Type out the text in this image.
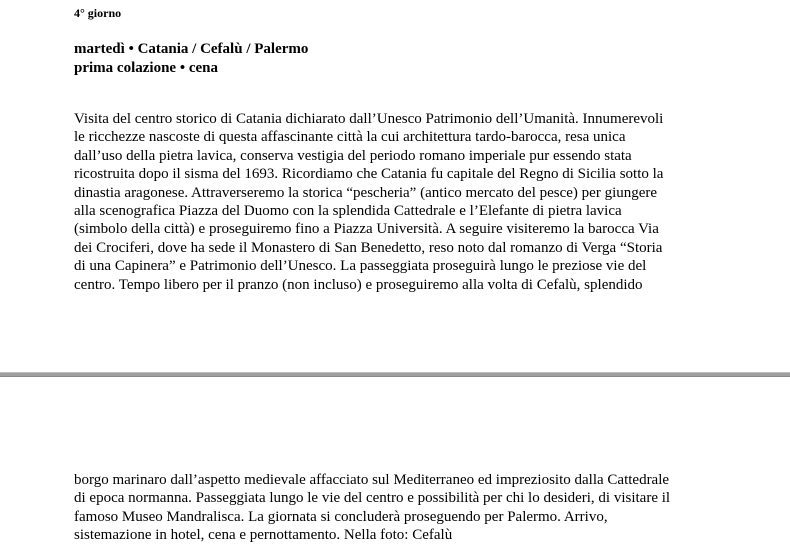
4° giorno
martedì • Catania / Cefalù / Palermo
prima colazione • cena
Visita del centro storico di Catania dichiarato dall’Unesco Patrimonio dell’Umanità. Innumerevoli
le ricchezze nascoste di questa affascinante città la cui architettura tardo-barocca, resa unica
dall’uso della pietra lavica, conserva vestigia del periodo romano imperiale pur essendo stata
ricostruita dopo il sisma del 1693. Ricordiamo che Catania fu capitale del Regno di Sicilia sotto la
dinastia aragonese. Attraverseremo la storica “pescheria” (antico mercato del pesce) per giungere
alla scenografica Piazza del Duomo con la splendida Cattedrale e l’Elefante di pietra lavica
(simbolo della città) e proseguiremo fino a Piazza Università. A seguire visiteremo la barocca Via
dei Crociferi, dove ha sede il Monastero di San Benedetto, reso noto dal romanzo di Verga “Storia
di una Capinera” e Patrimonio dell’Unesco. La passeggiata proseguirà lungo le preziose vie del
centro. Tempo libero per il pranzo (non incluso) e proseguiremo alla volta di Cefalù, splendido
borgo marinaro dall’aspetto medievale affacciato sul Mediterraneo ed impreziosito dalla Cattedrale
di epoca normanna. Passeggiata lungo le vie del centro e possibilità per chi lo desideri, di visitare il
famoso Museo Mandralisca. La giornata si concluderà proseguendo per Palermo. Arrivo,
sistemazione in hotel, cena e pernottamento. Nella foto: Cefalù
